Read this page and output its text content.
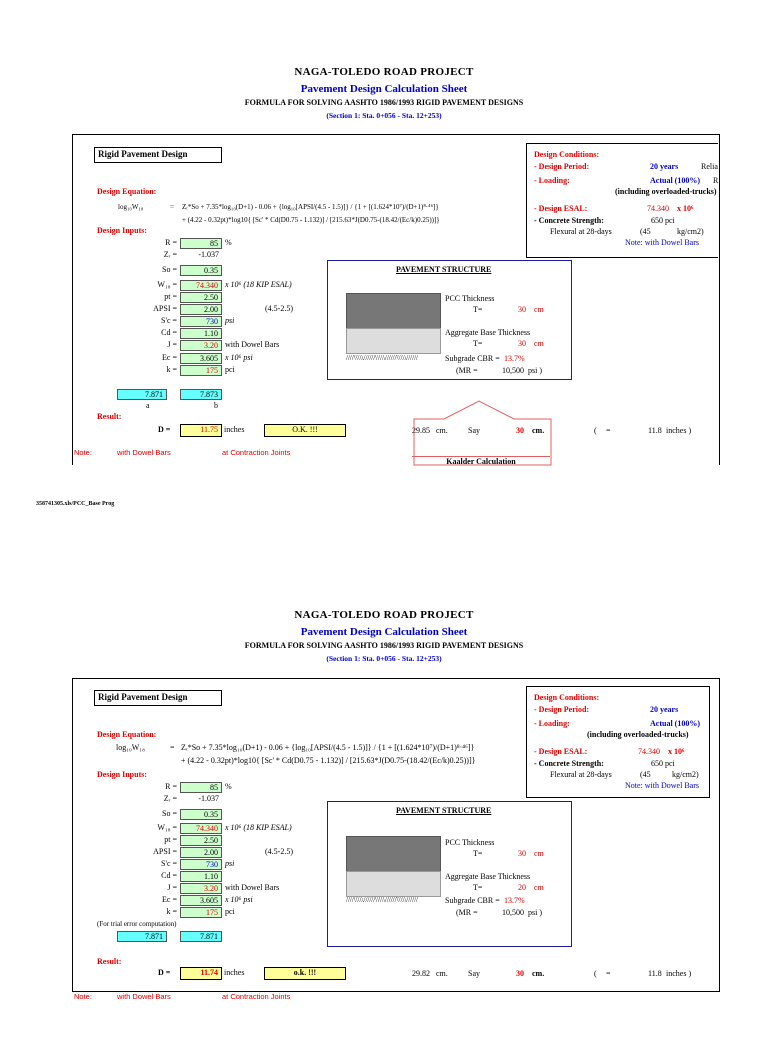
NAGA-TOLEDO ROAD PROJECT
Pavement Design Calculation Sheet
FORMULA FOR SOLVING AASHTO 1986/1993 RIGID PAVEMENT DESIGNS
(Section 1: Sta. 0+056 - Sta. 12+253)
Rigid Pavement Design
Design Equation:
log₁₀W₁₈	= Zᵣ*So + 7.35*log₁₀(D+1) - 0.06 + {log₁₀[APSI/(4.5 - 1.5)]} / {1 + [(1.624*10⁷)/(D+1)⁸·⁴⁶]}
+ (4.22 - 0.32pt)*log10{ [Sc' * Cd(D0.75 - 1.132)] / [215.63*J(D0.75-(18.42/(Ec/k)0.25))]}
Design Inputs:
R =	85 %
Zᵣ =	-1.037
So =	0.35
W₁₈ =	74.340 x 10⁶ (18 KIP ESAL)
pt =	2.50
APSI =	2.00	(4.5-2.5)
S'c =	730 psi
Cd =	1.10
J =	3.20 with Dowel Bars
Ec =	3.605 x 10⁶ psi
k =	175 pci
7.871	7.873
a	b
Result:
D =	11.75 inches	O.K. !!!	29.85 cm.	Say	30 cm.	( =	11.8 inches )
Note:	with Dowel Bars	at Contraction Joints
Design Conditions:
- Design Period:	20 years	Relia
- Loading:	Actual (100%) R
(including overloaded-trucks)
- Design ESAL:	74.340 x 10⁶
- Concrete Strength:	650 pci
Flexural at 28-days	(45	kg/cm2)
Note: with Dowel Bars
PAVEMENT STRUCTURE
////\\\\\//////\\\\\//////\\\\\//////
PCC Thickness
T=	30 cm
Aggregate Base Thickness
T=	30 cm
Subgrade CBR = 13.7%
(MR =	10,500 psi )
Kaalder Calculation
358741305.xls/PCC_Base Prog
NAGA-TOLEDO ROAD PROJECT
Pavement Design Calculation Sheet
FORMULA FOR SOLVING AASHTO 1986/1993 RIGID PAVEMENT DESIGNS
(Section 1: Sta. 0+056 - Sta. 12+253)
Rigid Pavement Design
Design Equation:
log₁₀W₁₈	= Zᵣ*So + 7.35*log₁₀(D+1) - 0.06 + {log₁₀[APSI/(4.5 - 1.5)]} / {1 + [(1.624*10⁷)/(D+1)⁸·⁴⁶]}
+ (4.22 - 0.32pt)*log10{ [Sc' * Cd(D0.75 - 1.132)] / [215.63*J(D0.75-(18.42/(Ec/k)0.25))]}
Design Inputs:
R =	85 %
Zᵣ =	-1.037
So =	0.35
W₁₈ =	74.340 x 10⁶ (18 KIP ESAL)
pt =	2.50
APSI =	2.00	(4.5-2.5)
S'c =	730 psi
Cd =	1.10
J =	3.20 with Dowel Bars
Ec =	3.605 x 10⁶ psi
k =	175 pci
(For trial error computation)
7.871	7.871
Result:
D =	11.74 inches	o.k. !!!	29.82 cm.	Say	30 cm.	( =	11.8 inches )
Note:	with Dowel Bars	at Contraction Joints
Design Conditions:
- Design Period:	20 years
- Loading:	Actual (100%)
(including overloaded-trucks)
- Design ESAL:	74.340 x 10⁶
- Concrete Strength:	650 pci
Flexural at 28-days	(45	kg/cm2)
Note: with Dowel Bars
PAVEMENT STRUCTURE
////\\\\\//////\\\\\//////\\\\\//////
PCC Thickness
T=	30 cm
Aggregate Base Thickness
T=	20 cm
Subgrade CBR = 13.7%
(MR =	10,500 psi )
